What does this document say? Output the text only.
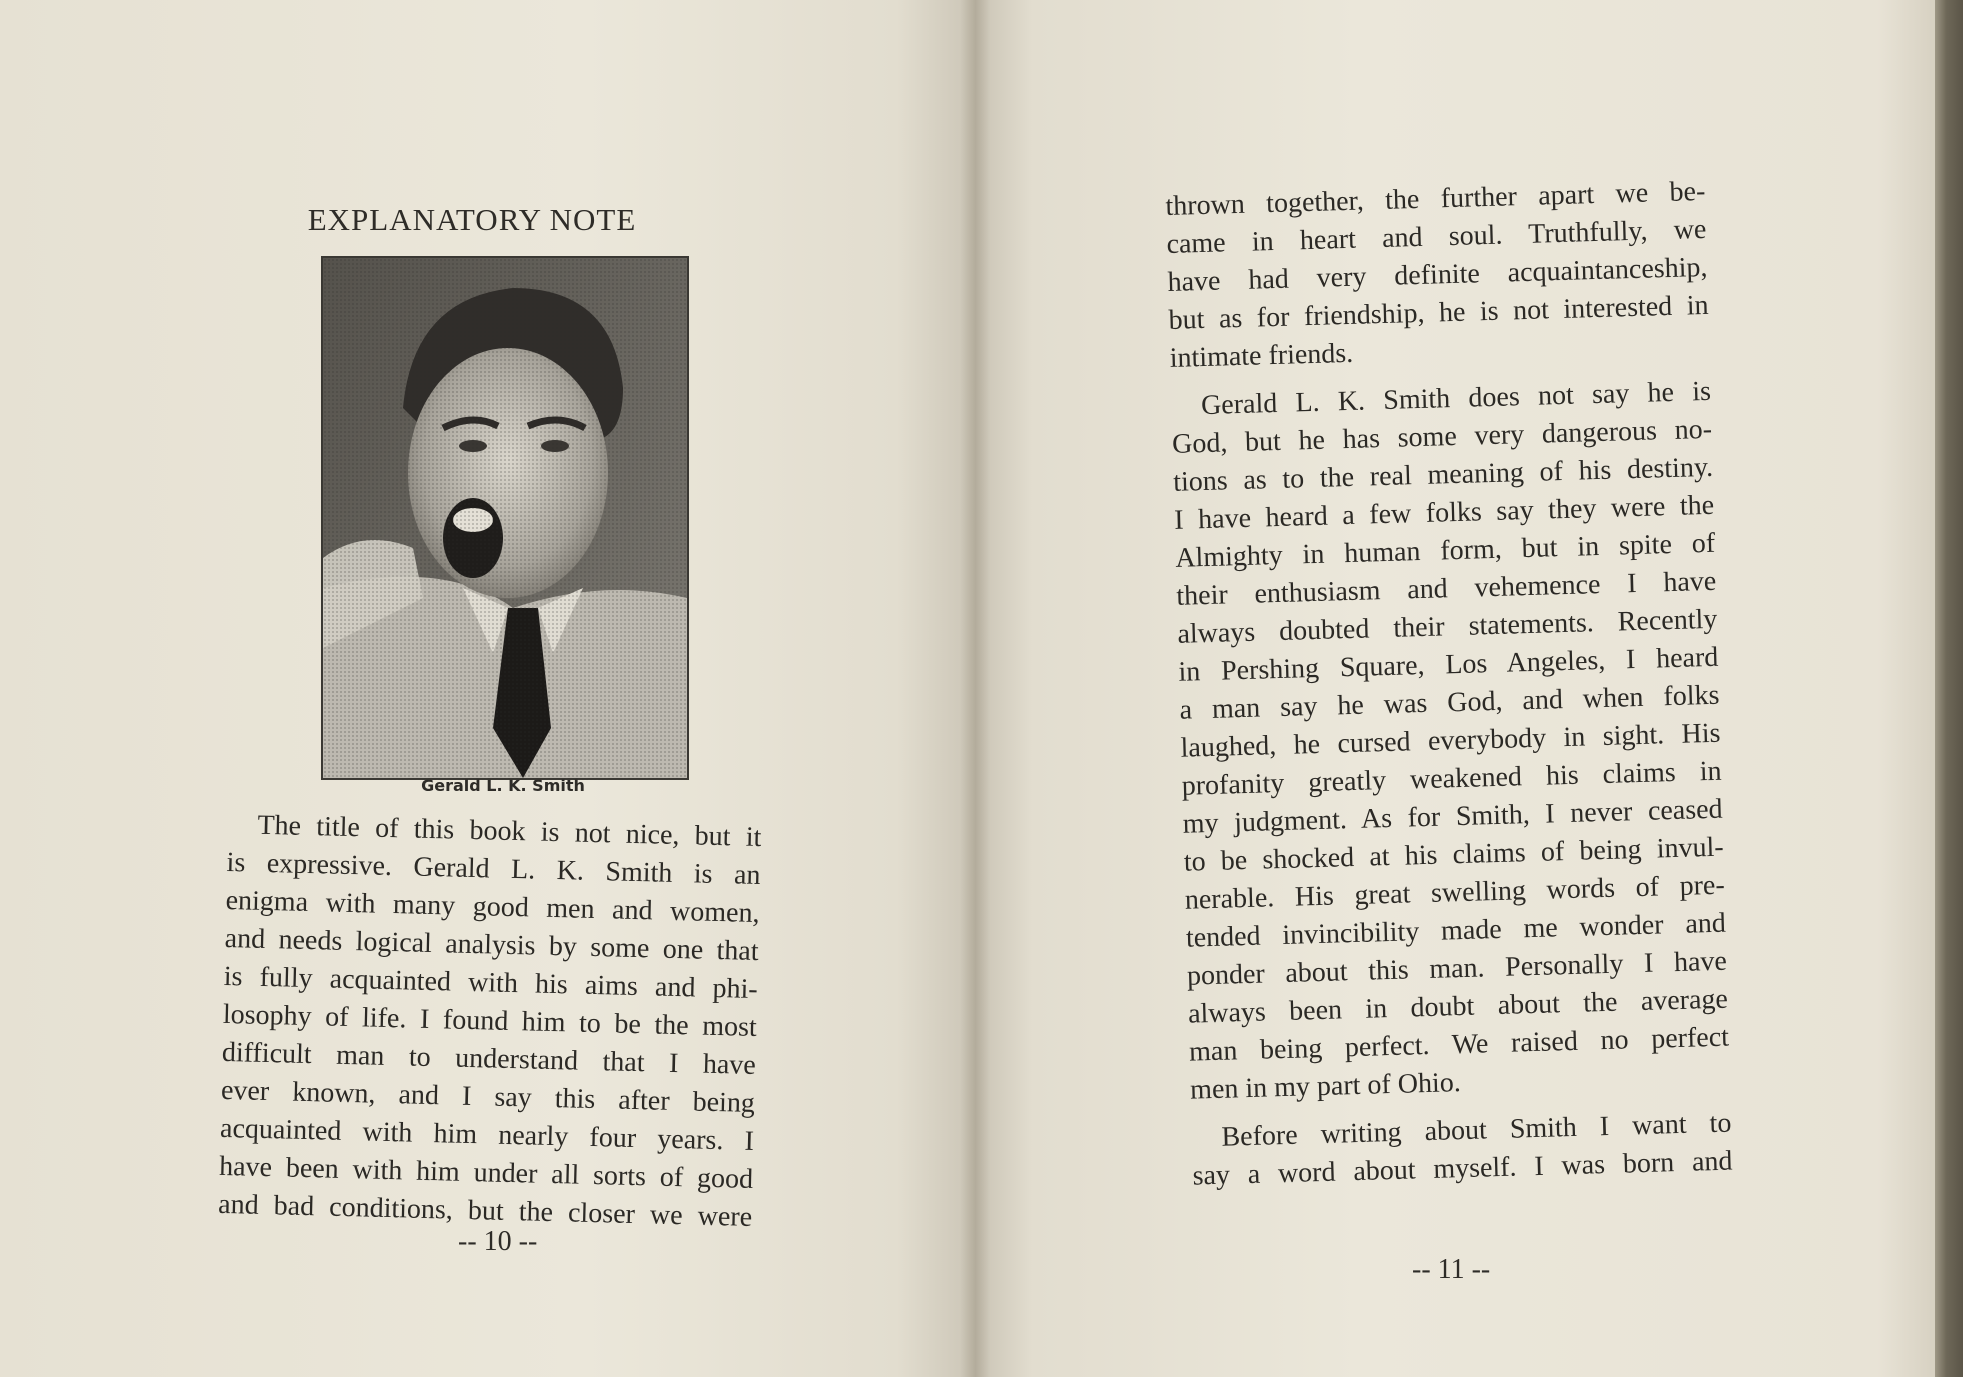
EXPLANATORY NOTE
Gerald L. K. Smith
The title of this book is not nice, but it
is expressive. Gerald L. K. Smith is an
enigma with many good men and women,
and needs logical analysis by some one that
is fully acquainted with his aims and phi-
losophy of life. I found him to be the most
difficult man to understand that I have
ever known, and I say this after being
acquainted with him nearly four years. I
have been with him under all sorts of good
and bad conditions, but the closer we were
-- 10 --
thrown together, the further apart we be-
came in heart and soul. Truthfully, we
have had very definite acquaintanceship,
but as for friendship, he is not interested in
intimate friends.
Gerald L. K. Smith does not say he is
God, but he has some very dangerous no-
tions as to the real meaning of his destiny.
I have heard a few folks say they were the
Almighty in human form, but in spite of
their enthusiasm and vehemence I have
always doubted their statements. Recently
in Pershing Square, Los Angeles, I heard
a man say he was God, and when folks
laughed, he cursed everybody in sight. His
profanity greatly weakened his claims in
my judgment. As for Smith, I never ceased
to be shocked at his claims of being invul-
nerable. His great swelling words of pre-
tended invincibility made me wonder and
ponder about this man. Personally I have
always been in doubt about the average
man being perfect. We raised no perfect
men in my part of Ohio.
Before writing about Smith I want to
say a word about myself. I was born and
-- 11 --
